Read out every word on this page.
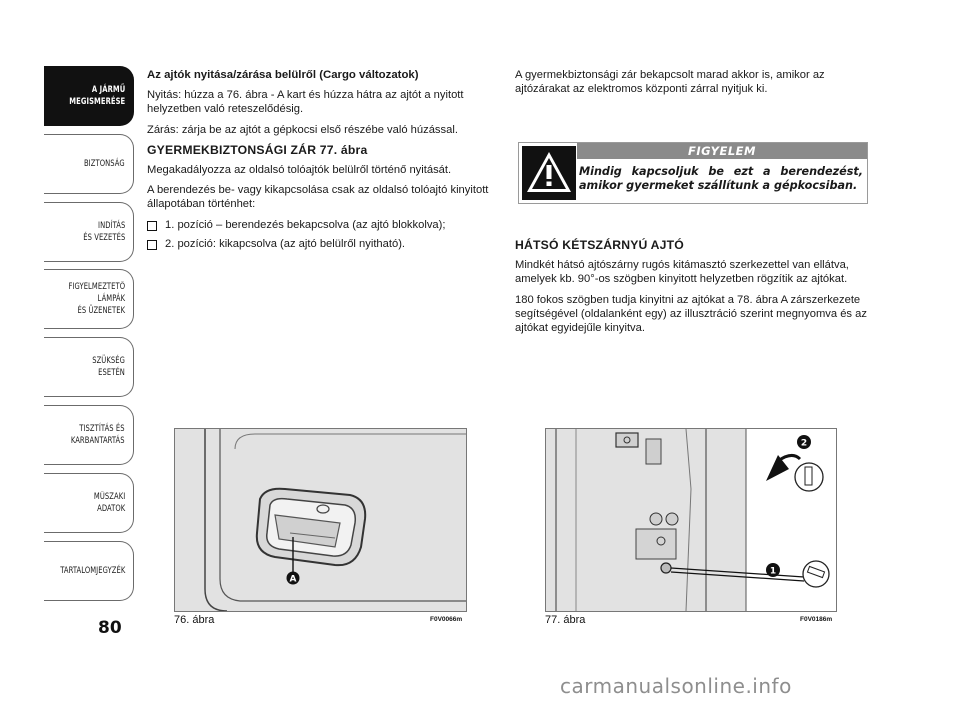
A JÁRMŰ
MEGISMERÉSE
BIZTONSÁG
INDÍTÁS
ÉS VEZETÉS
FIGYELMEZTETŐ
LÁMPÁK
ÉS ÜZENETEK
SZÜKSÉG
ESETÉN
TISZTÍTÁS ÉS
KARBANTARTÁS
MŰSZAKI
ADATOK
TARTALOMJEGYZÉK
80
Az ajtók nyitása/zárása belülről (Cargo változatok)

Nyitás: húzza a 76. ábra - A kart és húzza hátra az ajtót a nyitott helyzetben való reteszelődésig.

Zárás: zárja be az ajtót a gépkocsi első részébe való húzással.

GYERMEKBIZTONSÁGI ZÁR 77. ábra

Megakadályozza az oldalsó tolóajtók belülről történő nyitását.

A berendezés be- vagy kikapcsolása csak az oldalsó tolóajtó kinyitott állapotában történhet:

1. pozíció – berendezés bekapcsolva (az ajtó blokkolva);
2. pozíció: kikapcsolva (az ajtó belülről nyitható).

A gyermekbiztonsági zár bekapcsolt marad akkor is, amikor az ajtózárakat az elektromos központi zárral nyitjuk ki.

FIGYELEM
Mindig kapcsoljuk be ezt a berendezést, amikor gyermeket szállítunk a gépkocsiban.
HÁTSÓ KÉTSZÁRNYÚ AJTÓ

Mindkét hátsó ajtószárny rugós kitámasztó szerkezettel van ellátva, amelyek kb. 90°-os szögben kinyitott helyzetben rögzítik az ajtókat.

180 fokos szögben tudja kinyitni az ajtókat a 78. ábra A zárszerkezete segítségével (oldalanként egy) az illusztráció szerint megnyomva és az ajtókat egyidejűle kinyitva.

A
76. ábra	F0V0066m
1
2
77. ábra	F0V0186m
carmanualsonline.info
